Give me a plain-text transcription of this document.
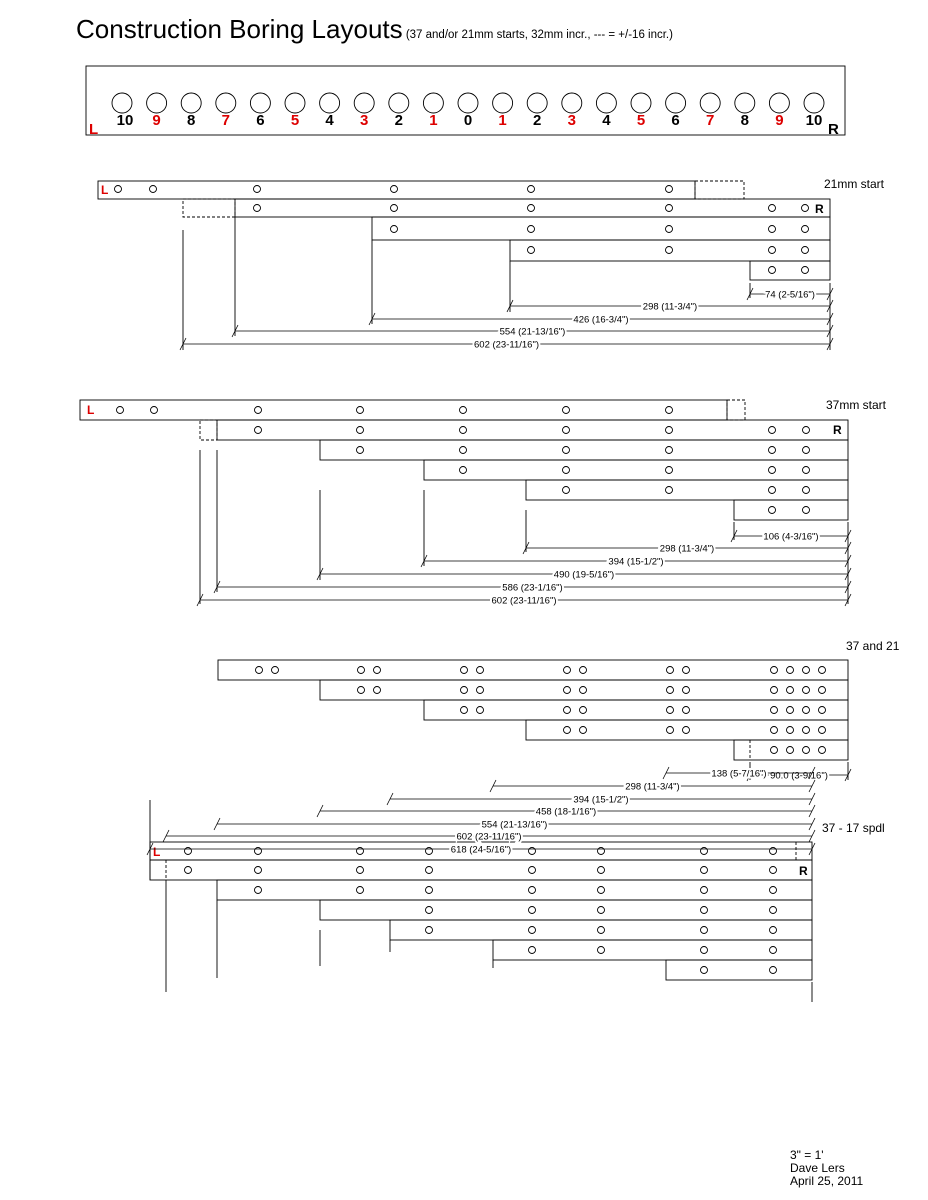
Construction Boring Layouts (37 and/or 21mm starts, 32mm incr., --- = +/-16 incr.)
10 9 8 7 6 5 4 3 2 1 0 1 2 3 4 5 6 7 8 9 10
L	R
21mm start
L
R
74 (2-5/16")
298 (11-3/4")
426 (16-3/4")
554 (21-13/16")
602 (23-11/16")
37mm start
L
R
106 (4-3/16")
298 (11-3/4")
394 (15-1/2")
490 (19-5/16")
586 (23-1/16")
602 (23-11/16")
37 and 21
90.0 (3-9/16")
37 - 17 spdl
L
R
138 (5-7/16")
298 (11-3/4")
394 (15-1/2")
458 (18-1/16")
554 (21-13/16")
602 (23-11/16")
618 (24-5/16")
3" = 1'
Dave Lers
April 25, 2011
